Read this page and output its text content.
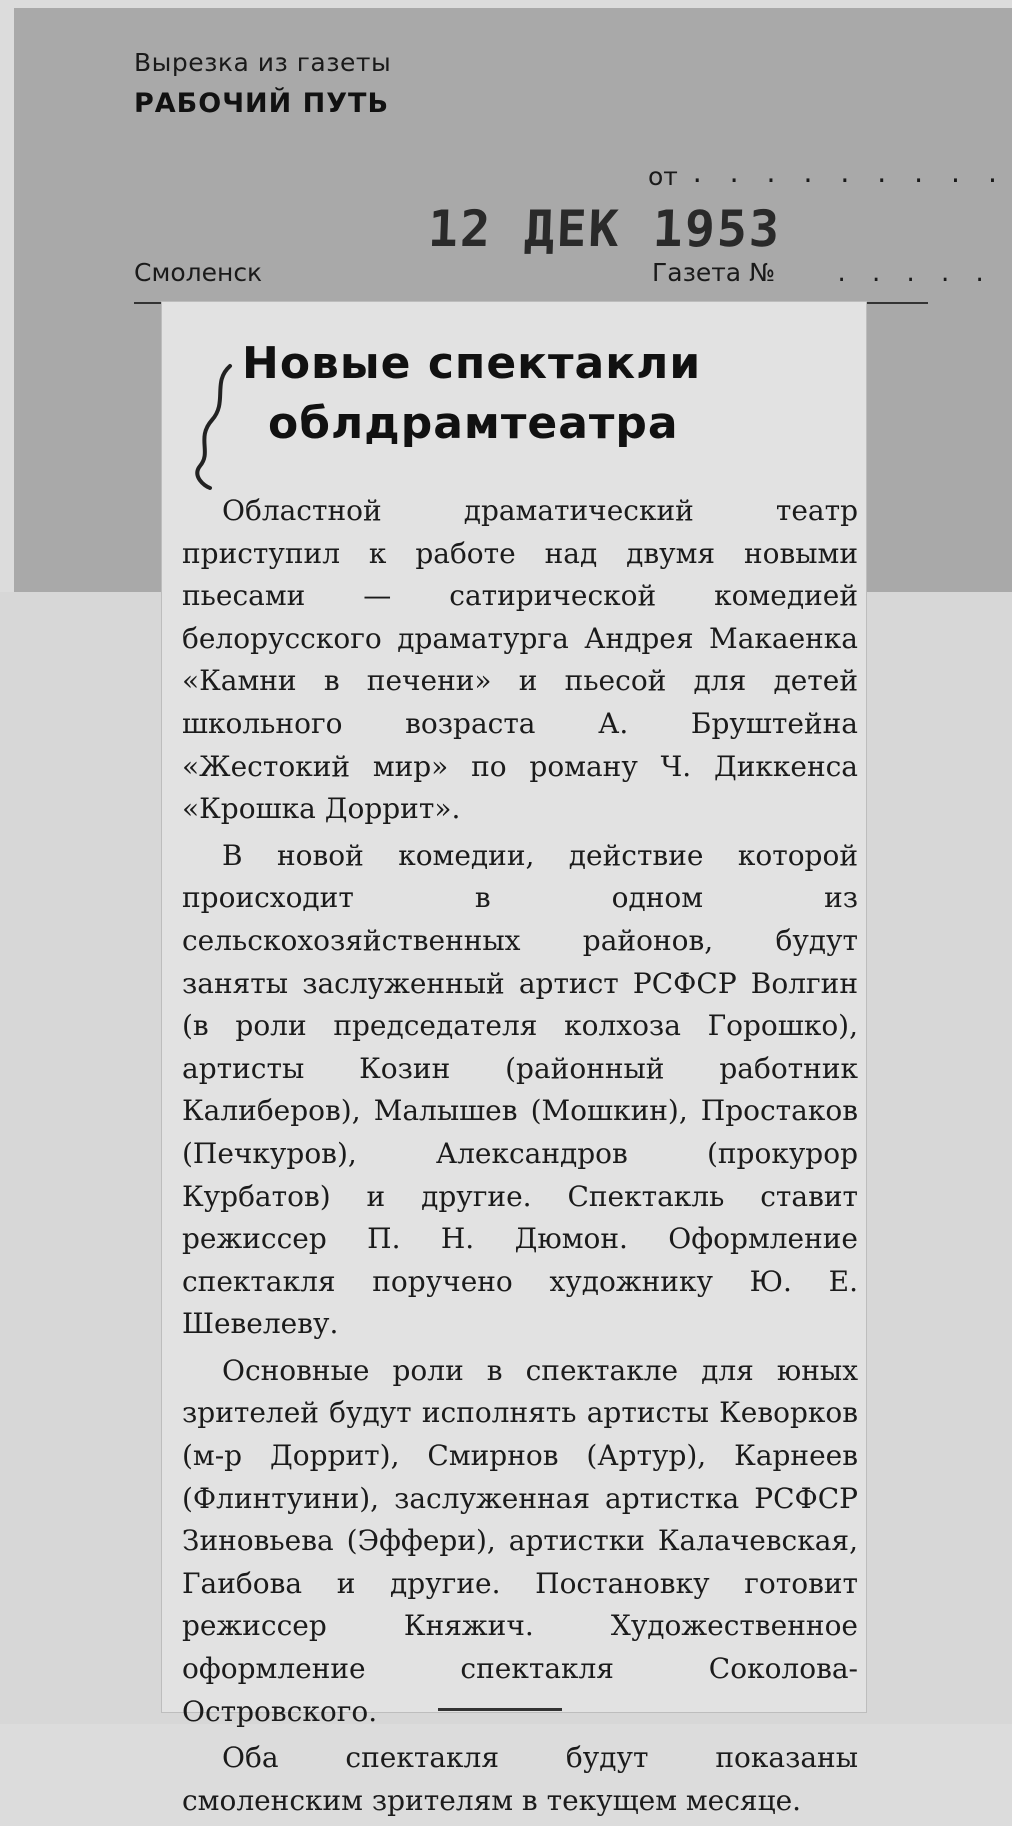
Вырезка из газеты
РАБОЧИЙ ПУТЬ
от . . . . . . . . .
12 ДЕК 1953
Смоленск	Газета №	. . . . .
Новые спектакли
облдрамтеатра

Областной драматический театр приступил к работе над двумя новыми пьесами — сатирической комедией белорусского драматурга Андрея Макаенка «Камни в печени» и пьесой для детей школьного возраста А. Бруштейна «Жестокий мир» по роману Ч. Диккенса «Крошка Доррит».

В новой комедии, действие которой происходит в одном из сельскохозяйственных районов, будут заняты заслуженный артист РСФСР Волгин (в роли председателя колхоза Горошко), артисты Козин (районный работник Калиберов), Малышев (Мошкин), Простаков (Печкуров), Александров (прокурор Курбатов) и другие. Спектакль ставит режиссер П. Н. Дюмон. Оформление спектакля поручено художнику Ю. Е. Шевелеву.

Основные роли в спектакле для юных зрителей будут исполнять артисты Кеворков (м-р Доррит), Смирнов (Артур), Карнеев (Флинтуини), заслуженная артистка РСФСР Зиновьева (Эффери), артистки Калачевская, Гаибова и другие. Постановку готовит режиссер Княжич. Художественное оформление спектакля Соколова-Островского.

Оба спектакля будут показаны смоленским зрителям в текущем месяце.
